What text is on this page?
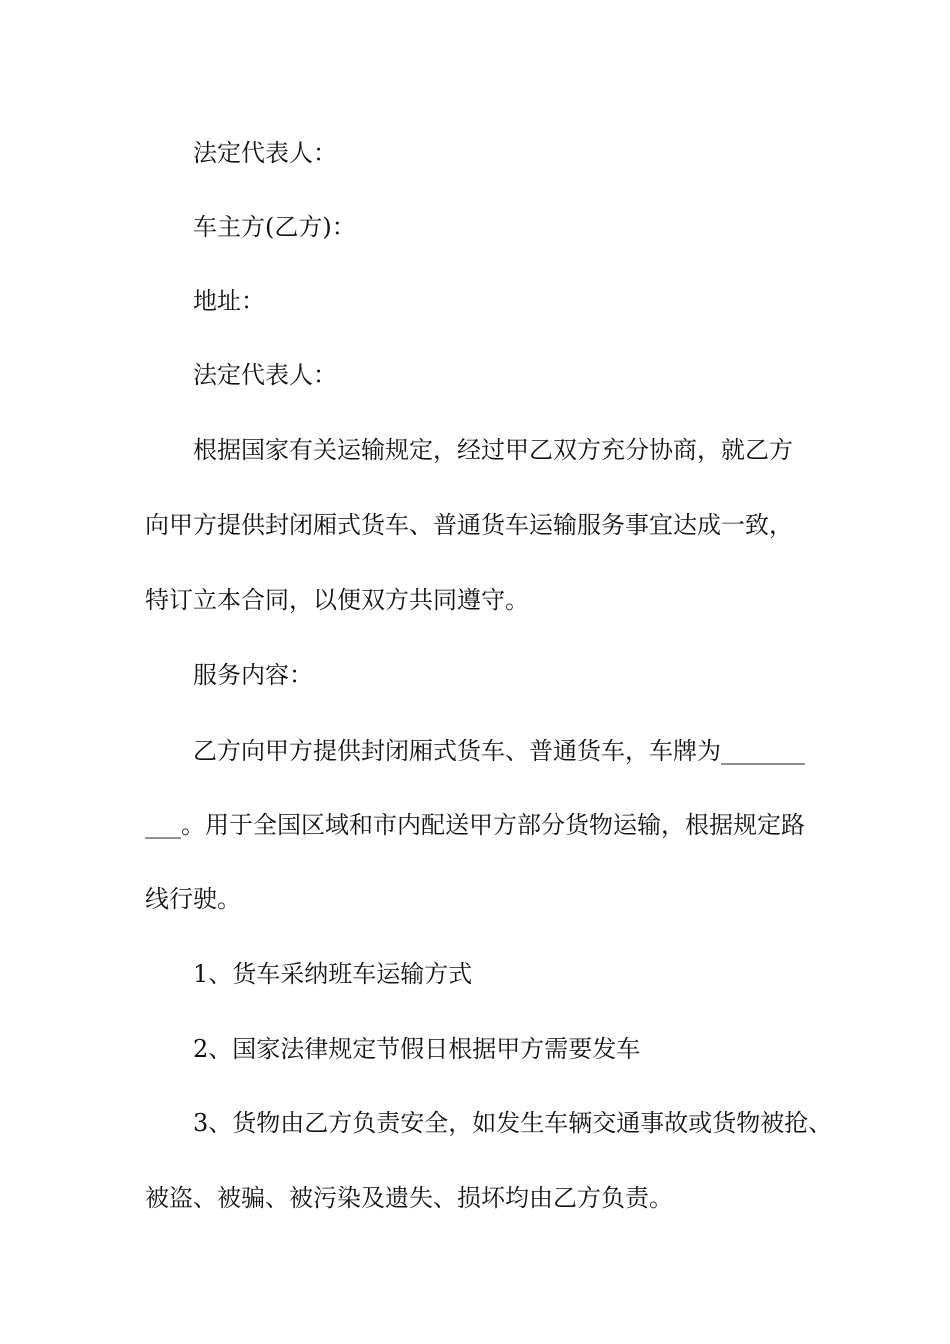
法定代表人：

车主方(乙方)：

地址：

法定代表人：

根据国家有关运输规定，经过甲乙双方充分协商，就乙方

向甲方提供封闭厢式货车、普通货车运输服务事宜达成一致，

特订立本合同，以便双方共同遵守。

服务内容：

乙方向甲方提供封闭厢式货车、普通货车，车牌为_______

___。用于全国区域和市内配送甲方部分货物运输，根据规定路

线行驶。

1、货车采纳班车运输方式

2、国家法律规定节假日根据甲方需要发车

3、货物由乙方负责安全，如发生车辆交通事故或货物被抢、

被盗、被骗、被污染及遗失、损坏均由乙方负责。
